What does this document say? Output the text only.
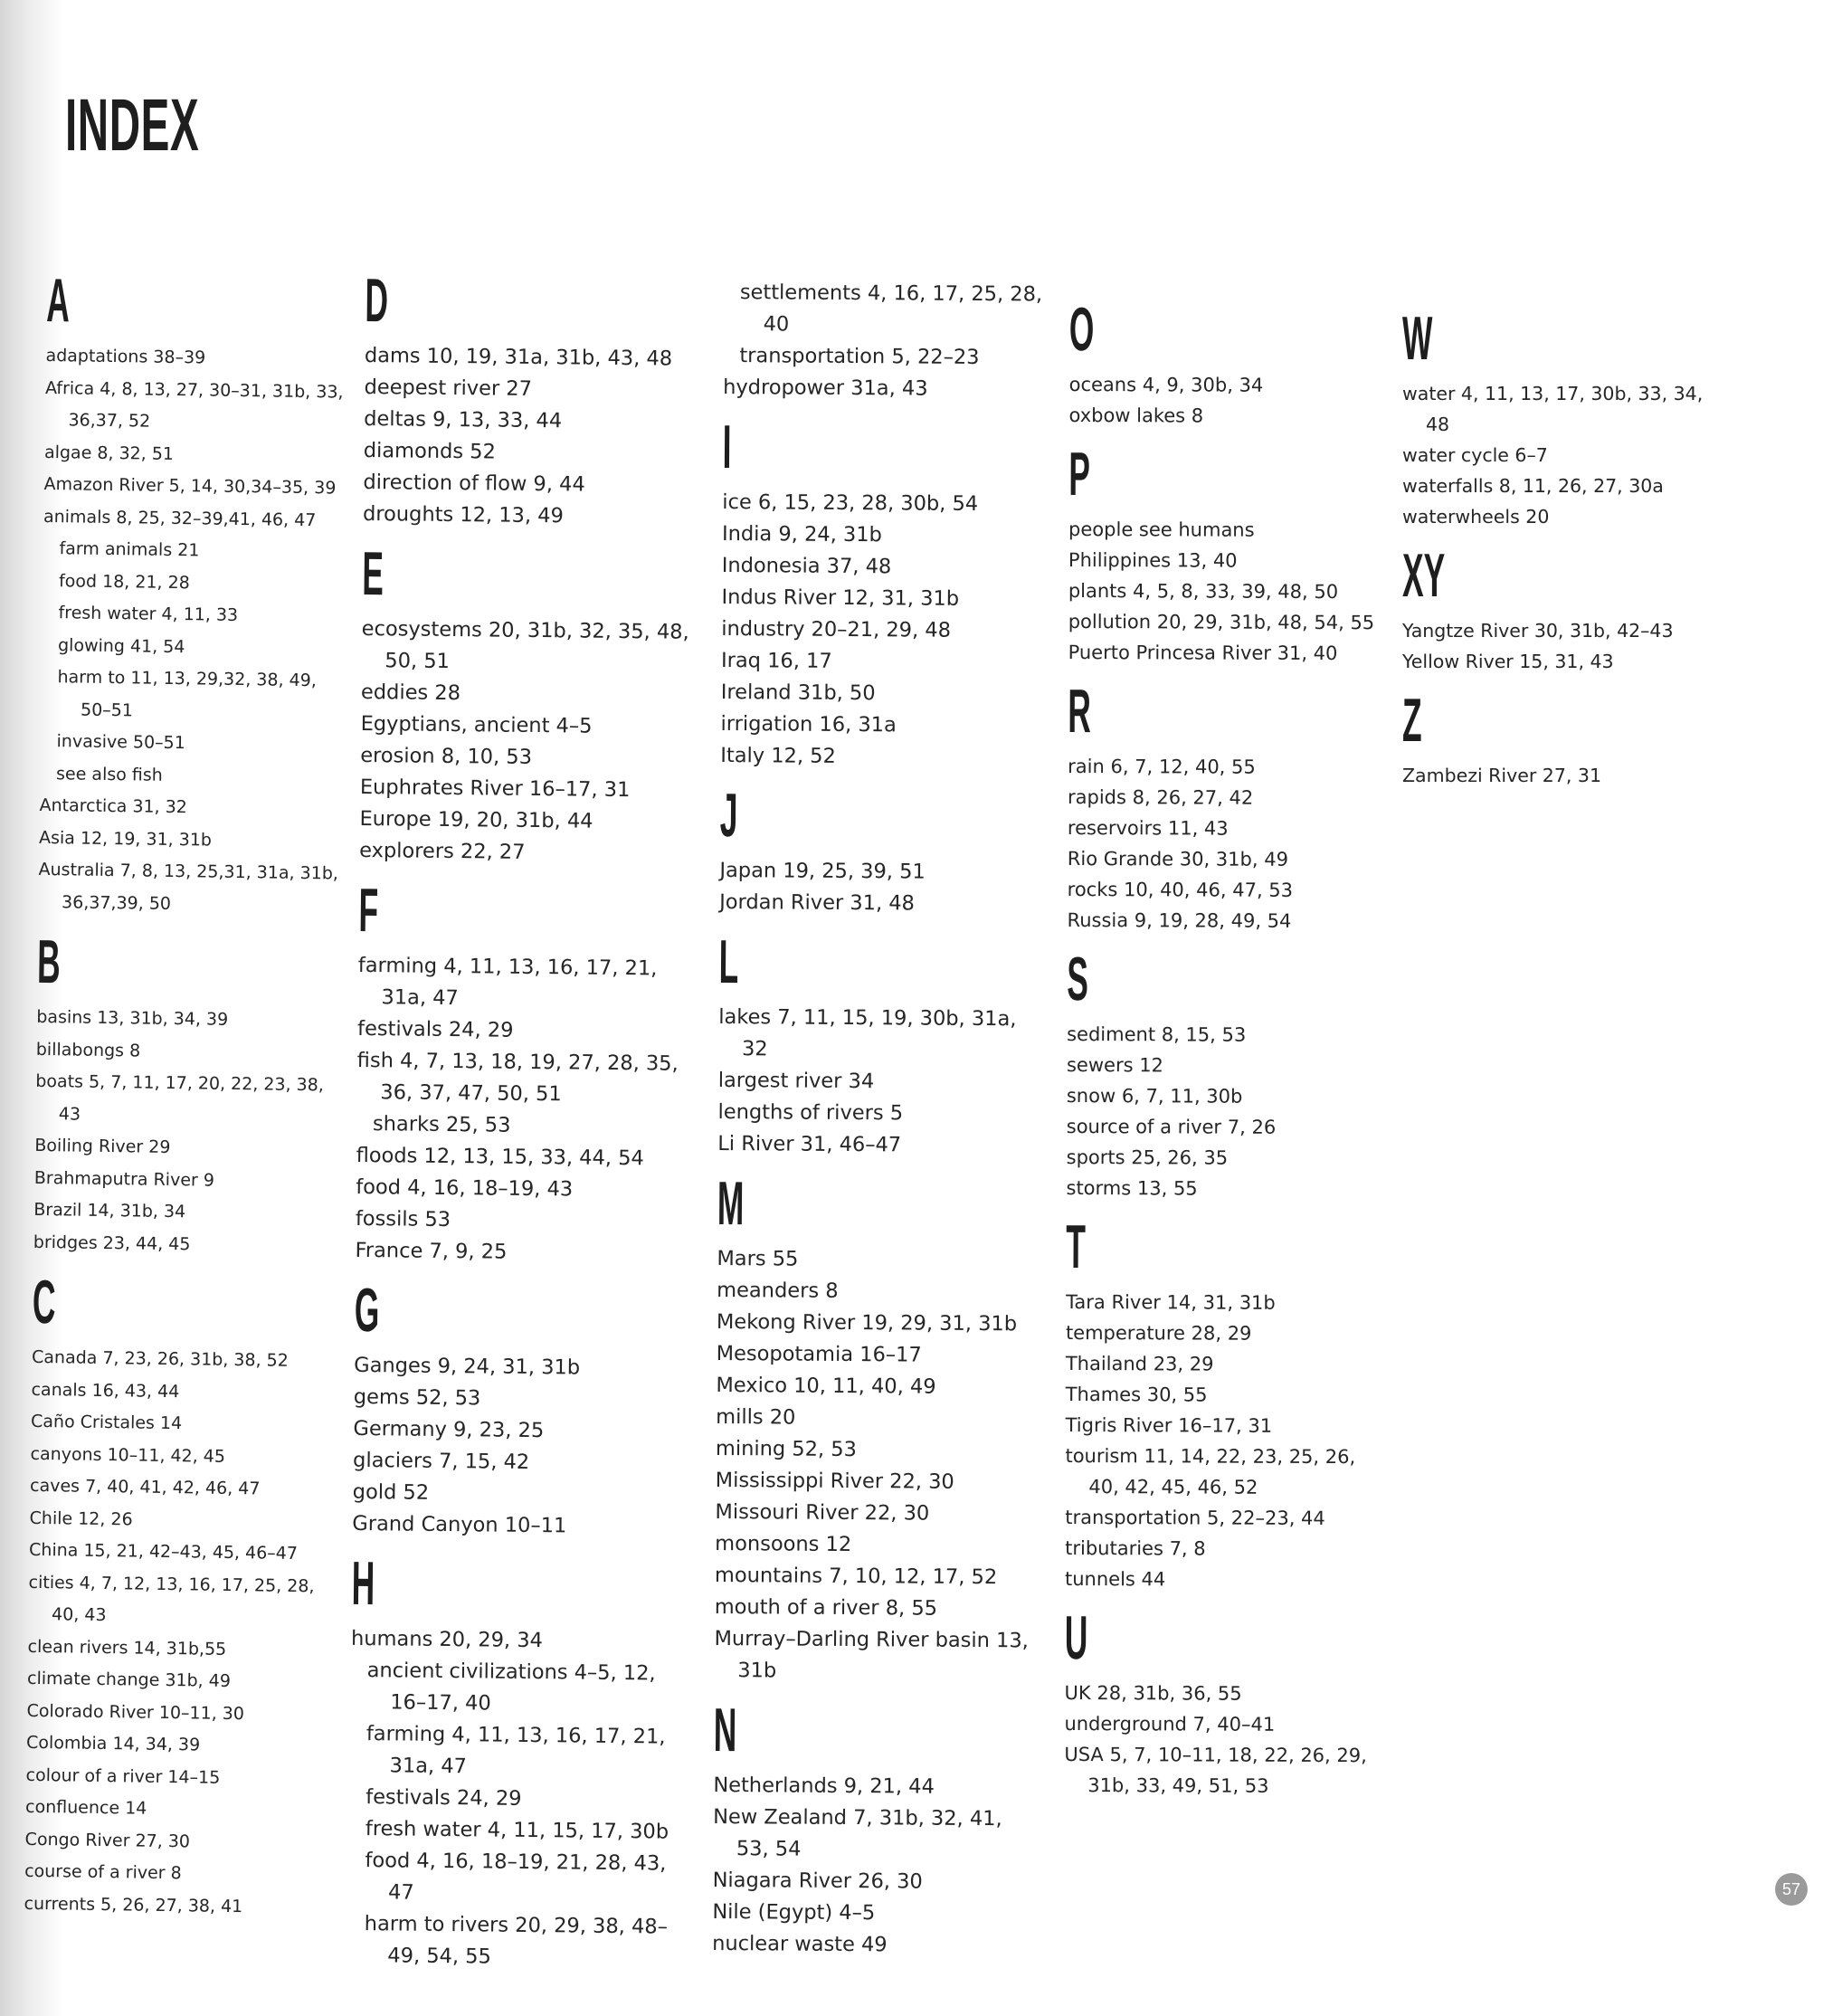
INDEX
A
adaptations 38–39
Africa 4, 8, 13, 27, 30–31, 31b, 33, 36,37, 52
algae 8, 32, 51
Amazon River 5, 14, 30,34–35, 39
animals 8, 25, 32–39,41, 46, 47
farm animals 21
food 18, 21, 28
fresh water 4, 11, 33
glowing 41, 54
harm to 11, 13, 29,32, 38, 49, 50–51
invasive 50–51
see also fish
Antarctica 31, 32
Asia 12, 19, 31, 31b
Australia 7, 8, 13, 25,31, 31a, 31b, 36,37,39, 50
B
basins 13, 31b, 34, 39
billabongs 8
boats 5, 7, 11, 17, 20, 22, 23, 38, 43
Boiling River 29
Brahmaputra River 9
Brazil 14, 31b, 34
bridges 23, 44, 45
C
Canada 7, 23, 26, 31b, 38, 52
canals 16, 43, 44
Caño Cristales 14
canyons 10–11, 42, 45
caves 7, 40, 41, 42, 46, 47
Chile 12, 26
China 15, 21, 42–43, 45, 46–47
cities 4, 7, 12, 13, 16, 17, 25, 28, 40, 43
clean rivers 14, 31b,55
climate change 31b, 49
Colorado River 10–11, 30
Colombia 14, 34, 39
colour of a river 14–15
confluence 14
Congo River 27, 30
course of a river 8
currents 5, 26, 27, 38, 41
D
dams 10, 19, 31a, 31b, 43, 48
deepest river 27
deltas 9, 13, 33, 44
diamonds 52
direction of flow 9, 44
droughts 12, 13, 49
E
ecosystems 20, 31b, 32, 35, 48, 50, 51
eddies 28
Egyptians, ancient 4–5
erosion 8, 10, 53
Euphrates River 16–17, 31
Europe 19, 20, 31b, 44
explorers 22, 27
F
farming 4, 11, 13, 16, 17, 21, 31a, 47
festivals 24, 29
fish 4, 7, 13, 18, 19, 27, 28, 35, 36, 37, 47, 50, 51
sharks 25, 53
floods 12, 13, 15, 33, 44, 54
food 4, 16, 18–19, 43
fossils 53
France 7, 9, 25
G
Ganges 9, 24, 31, 31b
gems 52, 53
Germany 9, 23, 25
glaciers 7, 15, 42
gold 52
Grand Canyon 10–11
H
humans 20, 29, 34
ancient civilizations 4–5, 12, 16–17, 40
farming 4, 11, 13, 16, 17, 21, 31a, 47
festivals 24, 29
fresh water 4, 11, 15, 17, 30b
food 4, 16, 18–19, 21, 28, 43, 47
harm to rivers 20, 29, 38, 48–49, 54, 55
settlements 4, 16, 17, 25, 28, 40
transportation 5, 22–23
hydropower 31a, 43
I
ice 6, 15, 23, 28, 30b, 54
India 9, 24, 31b
Indonesia 37, 48
Indus River 12, 31, 31b
industry 20–21, 29, 48
Iraq 16, 17
Ireland 31b, 50
irrigation 16, 31a
Italy 12, 52
J
Japan 19, 25, 39, 51
Jordan River 31, 48
L
lakes 7, 11, 15, 19, 30b, 31a, 32
largest river 34
lengths of rivers 5
Li River 31, 46–47
M
Mars 55
meanders 8
Mekong River 19, 29, 31, 31b
Mesopotamia 16–17
Mexico 10, 11, 40, 49
mills 20
mining 52, 53
Mississippi River 22, 30
Missouri River 22, 30
monsoons 12
mountains 7, 10, 12, 17, 52
mouth of a river 8, 55
Murray–Darling River basin 13, 31b
N
Netherlands 9, 21, 44
New Zealand 7, 31b, 32, 41, 53, 54
Niagara River 26, 30
Nile (Egypt) 4–5
nuclear waste 49
O
oceans 4, 9, 30b, 34
oxbow lakes 8
P
people see humans
Philippines 13, 40
plants 4, 5, 8, 33, 39, 48, 50
pollution 20, 29, 31b, 48, 54, 55
Puerto Princesa River 31, 40
R
rain 6, 7, 12, 40, 55
rapids 8, 26, 27, 42
reservoirs 11, 43
Rio Grande 30, 31b, 49
rocks 10, 40, 46, 47, 53
Russia 9, 19, 28, 49, 54
S
sediment 8, 15, 53
sewers 12
snow 6, 7, 11, 30b
source of a river 7, 26
sports 25, 26, 35
storms 13, 55
T
Tara River 14, 31, 31b
temperature 28, 29
Thailand 23, 29
Thames 30, 55
Tigris River 16–17, 31
tourism 11, 14, 22, 23, 25, 26, 40, 42, 45, 46, 52
transportation 5, 22–23, 44
tributaries 7, 8
tunnels 44
U
UK 28, 31b, 36, 55
underground 7, 40–41
USA 5, 7, 10–11, 18, 22, 26, 29, 31b, 33, 49, 51, 53
W
water 4, 11, 13, 17, 30b, 33, 34, 48
water cycle 6–7
waterfalls 8, 11, 26, 27, 30a
waterwheels 20
XY
Yangtze River 30, 31b, 42–43
Yellow River 15, 31, 43
Z
Zambezi River 27, 31
57
